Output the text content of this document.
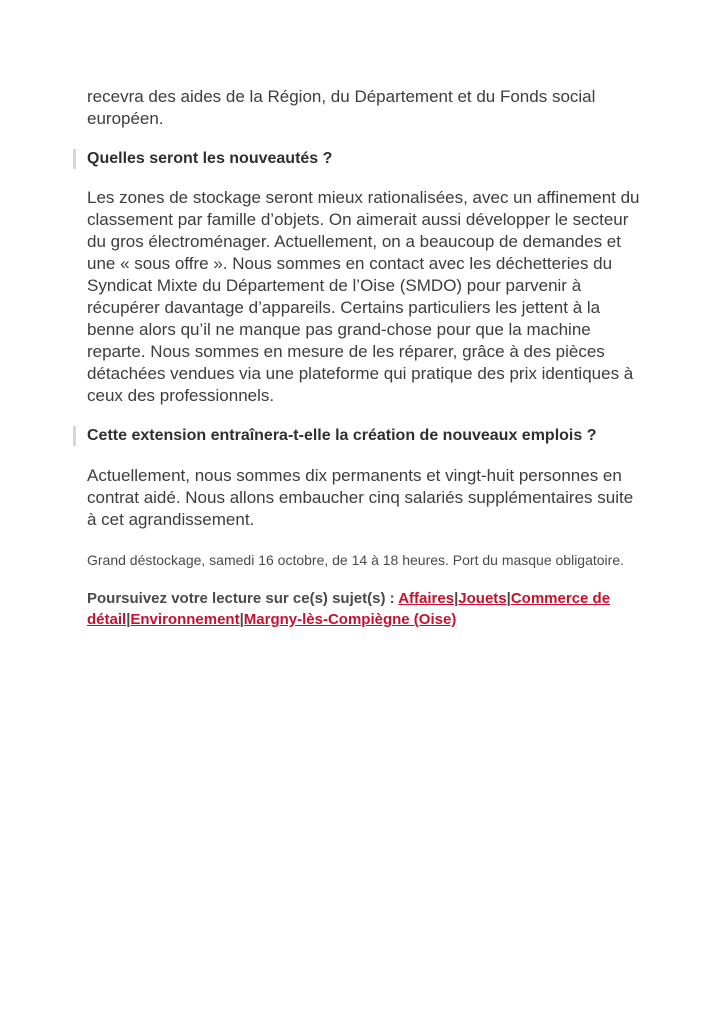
recevra des aides de la Région, du Département et du Fonds social européen.

Quelles seront les nouveautés ?

Les zones de stockage seront mieux rationalisées, avec un affinement du classement par famille d’objets. On aimerait aussi développer le secteur du gros électroménager. Actuellement, on a beaucoup de demandes et une « sous offre ». Nous sommes en contact avec les déchetteries du Syndicat Mixte du Département de l’Oise (SMDO) pour parvenir à récupérer davantage d’appareils. Certains particuliers les jettent à la benne alors qu’il ne manque pas grand-chose pour que la machine reparte. Nous sommes en mesure de les réparer, grâce à des pièces détachées vendues via une plateforme qui pratique des prix identiques à ceux des professionnels.

Cette extension entraînera-t-elle la création de nouveaux emplois ?

Actuellement, nous sommes dix permanents et vingt-huit personnes en contrat aidé. Nous allons embaucher cinq salariés supplémentaires suite à cet agrandissement.

Grand déstockage, samedi 16 octobre, de 14 à 18 heures. Port du masque obligatoire.

Poursuivez votre lecture sur ce(s) sujet(s) : Affaires|Jouets|Commerce de détail|Environnement|Margny-lès-Compiègne (Oise)
